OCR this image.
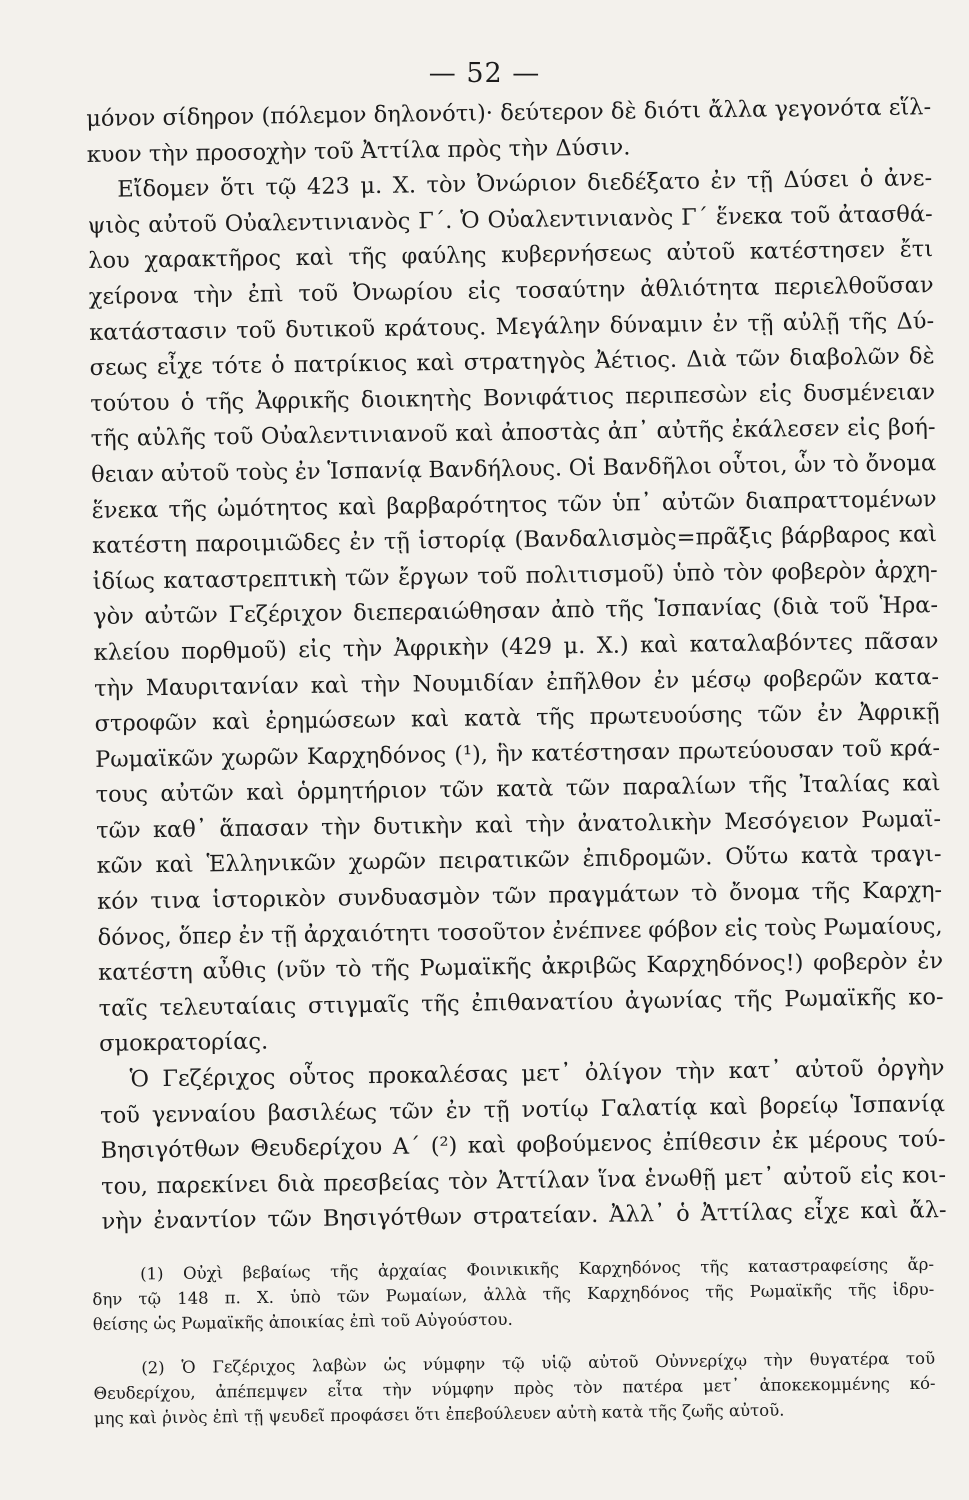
— 52 —
μόνον σίδηρον (πόλεμον δηλονότι)· δεύτερον δὲ διότι ἄλλα γεγονότα εἵλ-
κυον τὴν προσοχὴν τοῦ Ἀττίλα πρὸς τὴν Δύσιν.
Εἴδομεν ὅτι τῷ 423 μ. Χ. τὸν Ὀνώριον διεδέξατο ἐν τῇ Δύσει ὁ ἀνε-
ψιὸς αὐτοῦ Οὐαλεντινιανὸς Γ΄. Ὁ Οὐαλεντινιανὸς Γ΄ ἕνεκα τοῦ ἀτασθά-
λου χαρακτῆρος καὶ τῆς φαύλης κυβερνήσεως αὐτοῦ κατέστησεν ἔτι
χείρονα τὴν ἐπὶ τοῦ Ὀνωρίου εἰς τοσαύτην ἀθλιότητα περιελθοῦσαν
κατάστασιν τοῦ δυτικοῦ κράτους. Μεγάλην δύναμιν ἐν τῇ αὐλῇ τῆς Δύ-
σεως εἶχε τότε ὁ πατρίκιος καὶ στρατηγὸς Ἀέτιος. Διὰ τῶν διαβολῶν δὲ
τούτου ὁ τῆς Ἀφρικῆς διοικητὴς Βονιφάτιος περιπεσὼν εἰς δυσμένειαν
τῆς αὐλῆς τοῦ Οὐαλεντινιανοῦ καὶ ἀποστὰς ἀπ᾽ αὐτῆς ἐκάλεσεν εἰς βοή-
θειαν αὐτοῦ τοὺς ἐν Ἱσπανίᾳ Βανδήλους. Οἱ Βανδῆλοι οὗτοι, ὧν τὸ ὄνομα
ἕνεκα τῆς ὠμότητος καὶ βαρβαρότητος τῶν ὑπ᾽ αὐτῶν διαπραττομένων
κατέστη παροιμιῶδες ἐν τῇ ἱστορίᾳ (Βανδαλισμὸς=πρᾶξις βάρβαρος καὶ
ἰδίως καταστρεπτικὴ τῶν ἔργων τοῦ πολιτισμοῦ) ὑπὸ τὸν φοβερὸν ἀρχη-
γὸν αὐτῶν Γεζέριχον διεπεραιώθησαν ἀπὸ τῆς Ἱσπανίας (διὰ τοῦ Ἡρα-
κλείου πορθμοῦ) εἰς τὴν Ἀφρικὴν (429 μ. Χ.) καὶ καταλαβόντες πᾶσαν
τὴν Μαυριτανίαν καὶ τὴν Νουμιδίαν ἐπῆλθον ἐν μέσῳ φοβερῶν κατα-
στροφῶν καὶ ἐρημώσεων καὶ κατὰ τῆς πρωτευούσης τῶν ἐν Ἀφρικῇ
Ρωμαϊκῶν χωρῶν Καρχηδόνος (¹), ἣν κατέστησαν πρωτεύουσαν τοῦ κρά-
τους αὐτῶν καὶ ὁρμητήριον τῶν κατὰ τῶν παραλίων τῆς Ἰταλίας καὶ
τῶν καθ᾽ ἅπασαν τὴν δυτικὴν καὶ τὴν ἀνατολικὴν Μεσόγειον Ρωμαϊ-
κῶν καὶ Ἑλληνικῶν χωρῶν πειρατικῶν ἐπιδρομῶν. Οὕτω κατὰ τραγι-
κόν τινα ἱστορικὸν συνδυασμὸν τῶν πραγμάτων τὸ ὄνομα τῆς Καρχη-
δόνος, ὅπερ ἐν τῇ ἀρχαιότητι τοσοῦτον ἐνέπνεε φόβον εἰς τοὺς Ρωμαίους,
κατέστη αὖθις (νῦν τὸ τῆς Ρωμαϊκῆς ἀκριβῶς Καρχηδόνος!) φοβερὸν ἐν
ταῖς τελευταίαις στιγμαῖς τῆς ἐπιθανατίου ἀγωνίας τῆς Ρωμαϊκῆς κο-
σμοκρατορίας.
Ὁ Γεζέριχος οὗτος προκαλέσας μετ᾽ ὀλίγον τὴν κατ᾽ αὐτοῦ ὀργὴν
τοῦ γενναίου βασιλέως τῶν ἐν τῇ νοτίῳ Γαλατίᾳ καὶ βορείῳ Ἱσπανίᾳ
Βησιγότθων Θευδερίχου Α΄ (²) καὶ φοβούμενος ἐπίθεσιν ἐκ μέρους τού-
του, παρεκίνει διὰ πρεσβείας τὸν Ἀττίλαν ἵνα ἑνωθῇ μετ᾽ αὐτοῦ εἰς κοι-
νὴν ἐναντίον τῶν Βησιγότθων στρατείαν. Ἀλλ᾽ ὁ Ἀττίλας εἶχε καὶ ἄλ-
(1) Οὐχὶ βεβαίως τῆς ἀρχαίας Φοινικικῆς Καρχηδόνος τῆς καταστραφείσης ἄρ-
δην τῷ 148 π. Χ. ὑπὸ τῶν Ρωμαίων, ἀλλὰ τῆς Καρχηδόνος τῆς Ρωμαϊκῆς τῆς ἱδρυ-
θείσης ὡς Ρωμαϊκῆς ἀποικίας ἐπὶ τοῦ Αὐγούστου.
(2) Ὁ Γεζέριχος λαβὼν ὡς νύμφην τῷ υἱῷ αὐτοῦ Οὐννερίχῳ τὴν θυγατέρα τοῦ
Θευδερίχου, ἀπέπεμψεν εἶτα τὴν νύμφην πρὸς τὸν πατέρα μετ᾽ ἀποκεκομμένης κό-
μης καὶ ῥινὸς ἐπὶ τῇ ψευδεῖ προφάσει ὅτι ἐπεβούλευεν αὐτὴ κατὰ τῆς ζωῆς αὐτοῦ.
